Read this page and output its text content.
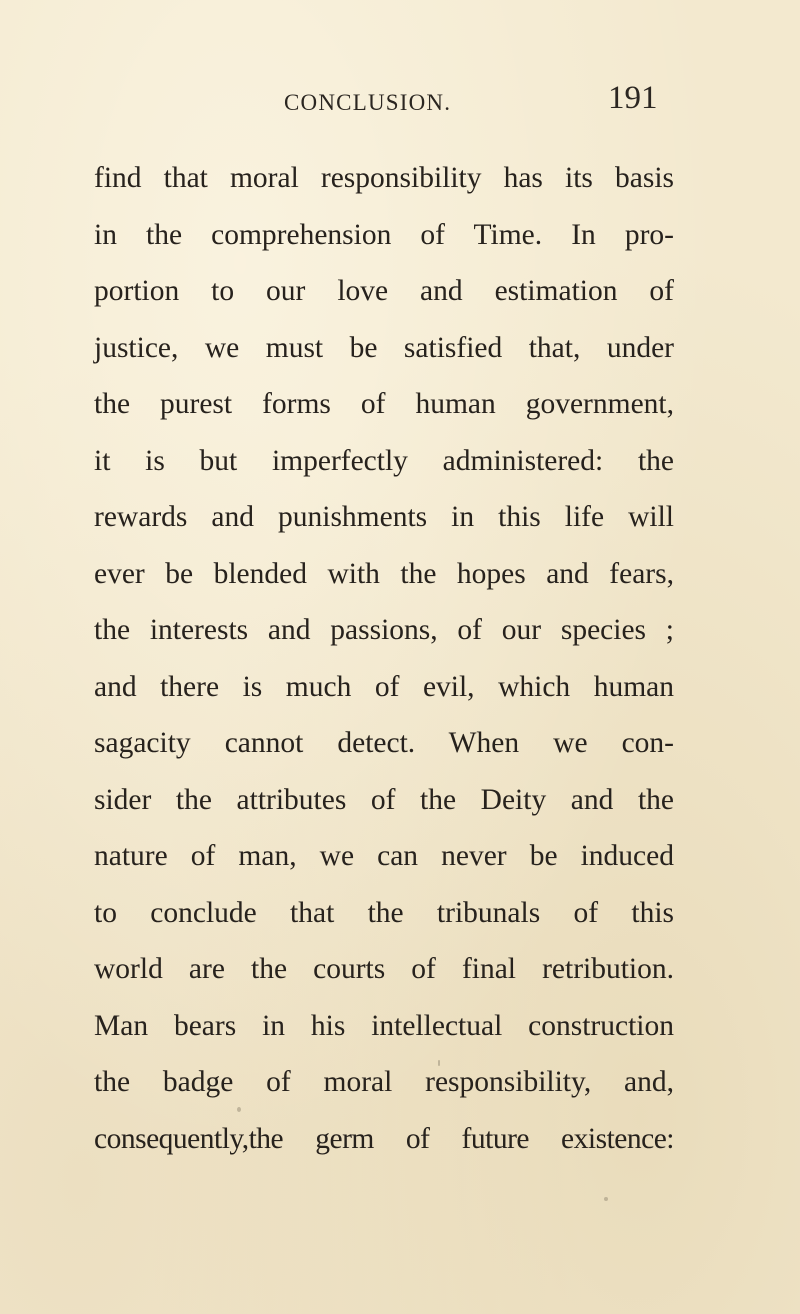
CONCLUSION.	191
find that moral responsibility has its basis
in the comprehension of Time. In pro-
portion to our love and estimation of
justice, we must be satisfied that, under
the purest forms of human government,
it is but imperfectly administered: the
rewards and punishments in this life will
ever be blended with the hopes and fears,
the interests and passions, of our species ;
and there is much of evil, which human
sagacity cannot detect. When we con-
sider the attributes of the Deity and the
nature of man, we can never be induced
to conclude that the tribunals of this
world are the courts of final retribution.
Man bears in his intellectual construction
the badge of moral responsibility, and,
consequently,the germ of future existence:
